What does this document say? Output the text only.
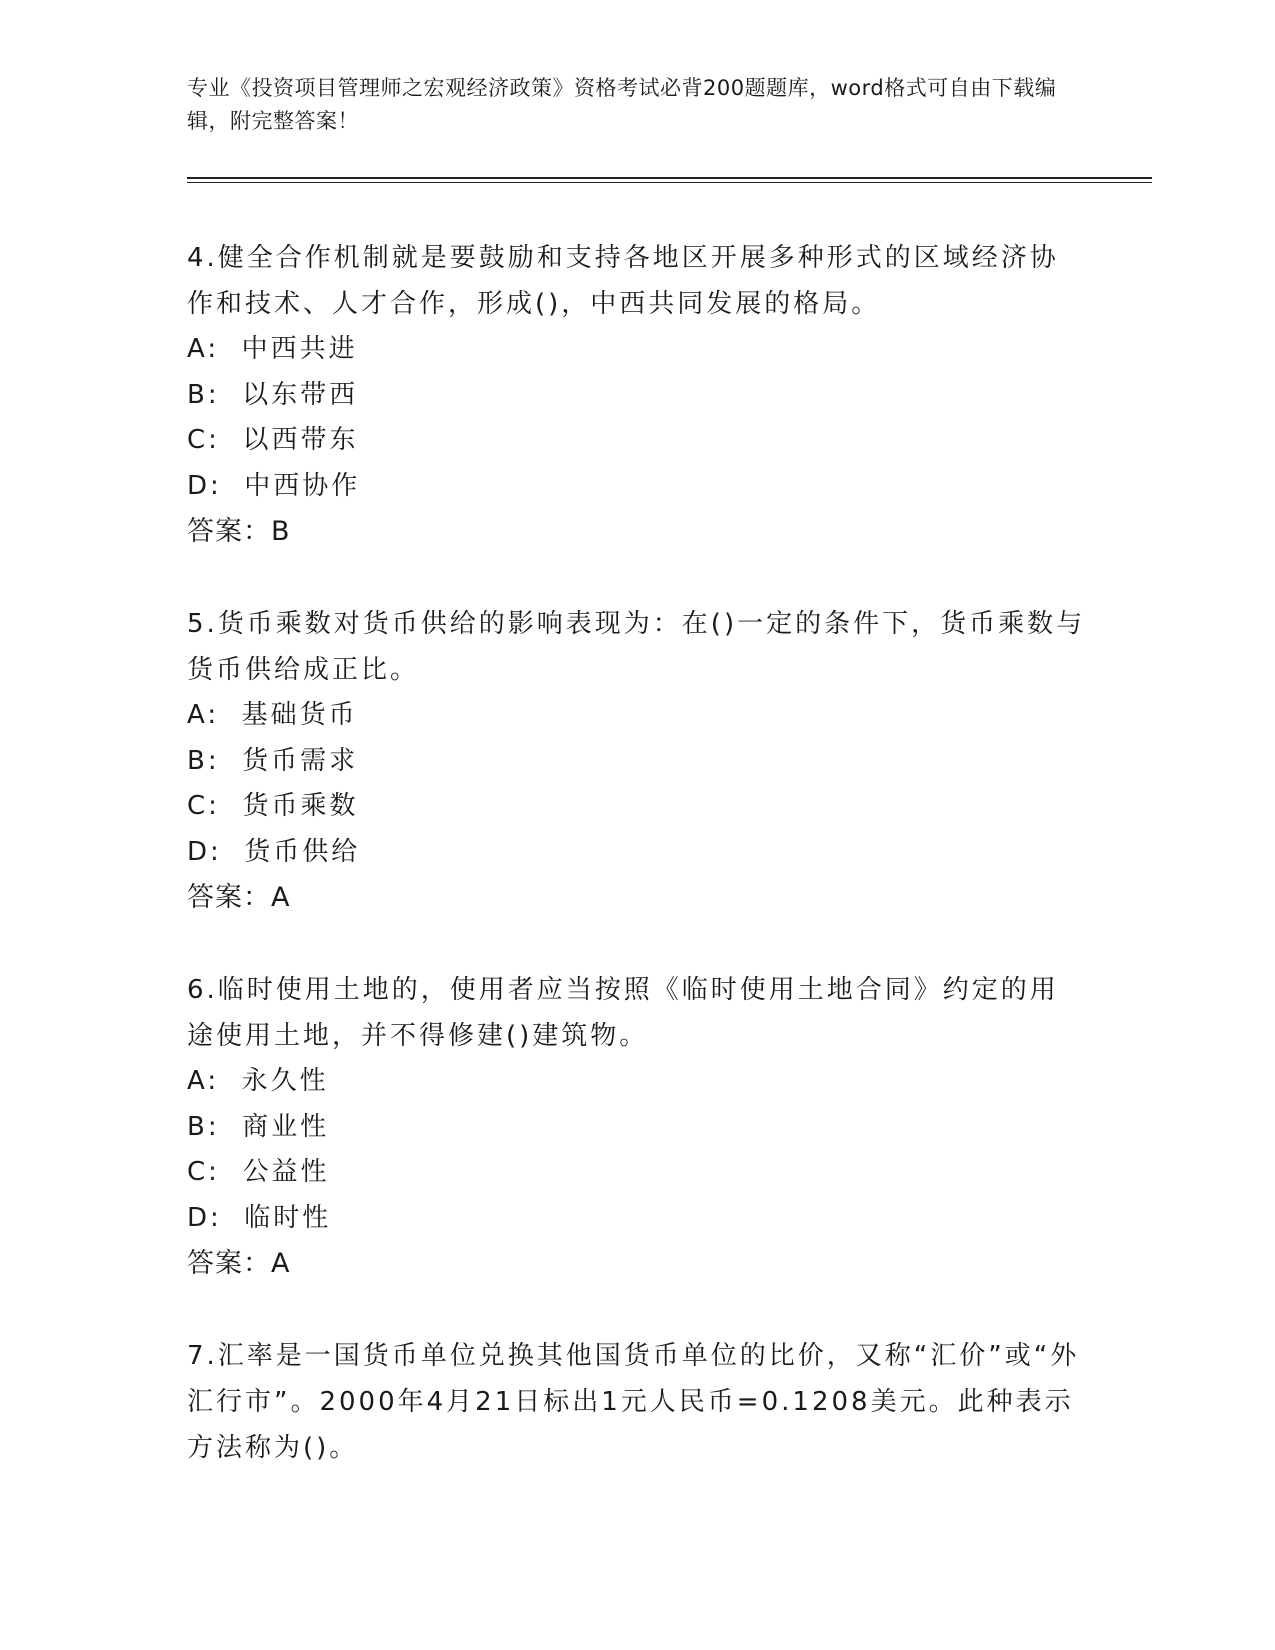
专业《投资项目管理师之宏观经济政策》资格考试必背200题题库，word格式可自由下载编辑，附完整答案！

4.健全合作机制就是要鼓励和支持各地区开展多种形式的区域经济协作和技术、人才合作，形成()，中西共同发展的格局。

A:  中西共进
B:  以东带西
C:  以西带东
D:  中西协作
答案：B

5.货币乘数对货币供给的影响表现为：在()一定的条件下，货币乘数与货币供给成正比。

A:  基础货币
B:  货币需求
C:  货币乘数
D:  货币供给
答案：A

6.临时使用土地的，使用者应当按照《临时使用土地合同》约定的用途使用土地，并不得修建()建筑物。

A:  永久性
B:  商业性
C:  公益性
D:  临时性
答案：A

7.汇率是一国货币单位兑换其他国货币单位的比价，又称“汇价”或“外汇行市”。2000年4月21日标出1元人民币=0.1208美元。此种表示方法称为()。
